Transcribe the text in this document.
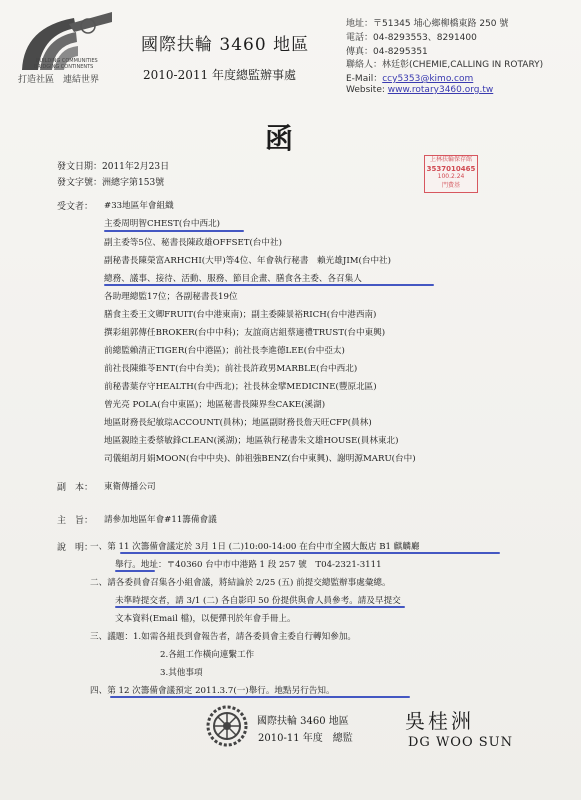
BUILDING COMMUNITIES
BRIDGING CONTINENTS
打造社區　連結世界
國際扶輪 3460 地區
2010-2011 年度總監辦事處
地址：〒51345 埔心鄉柳橋東路 250 號
電話：04-8293553、8291400
傳真：04-8295351
聯絡人：林廷彰(CHEMIE,CALLING IN ROTARY)
E-Mail：ccy5353@kimo.com
Website: www.rotary3460.org.tw
函
發文日期：2011年2月23日
發文字號：洲總字第153號
上林扶輪保存館
3537010465
100.2.24
門費基
受文者： #33地區年會組織
主委周明智CHEST(台中西北)
副主委等5位、秘書長陳政雄OFFSET(台中社)
副秘書長陳榮富ARHCHI(大甲)等4位、年會執行秘書　賴光雄JIM(台中社)
總務、議事、接待、活動、服務、節目企畫、膳食各主委、各召集人
各助理總監17位；各副秘書長19位
膳食主委王文卿FRUIT(台中港東南)；副主委陳景裕RICH(台中港西南)
撰彩組郭傳任BROKER(台中中科)；友誼商店組蔡適禮TRUST(台中東興)
前總監賴清正TIGER(台中港區)；前社長李進德LEE(台中亞太)
前社長陳維苓ENT(台中台美)；前社長許政男MARBLE(台中西北)
前秘書葉存守HEALTH(台中西北)；社長林金擘MEDICINE(豐原北區)
曾光亮 POLA(台中東區)；地區秘書長陳界叁CAKE(溪湖)
地區財務長紀敏琮ACCOUNT(員林)；地區副財務長詹天旺CFP(員林)
地區親睦主委蔡敏鋒CLEAN(溪湖)；地區執行秘書朱文雄HOUSE(員林東北)
司儀組胡月娟MOON(台中中央)、帥祖強BENZ(台中東興)、謝明源MARU(台中)
副　本： 東衛傳播公司
主　旨： 請參加地區年會#11籌備會議
說　明：
一、第 11 次籌備會議定於 3月 1日 (二)10:00-14:00 在台中市全國大飯店 B1 麒麟廳
舉行。地址：〒40360 台中市中港路 1 段 257 號　T04-2321-3111
二、請各委員會召集各小組會議，將結論於 2/25 (五) 前提交總監辦事處彙總。
未準時提交者，請 3/1 (二) 各自影印 50 份提供與會人員參考。請及早提交
文本資料(Email 檔)，以便彈刊於年會手冊上。
三、議題：1.如需各組長到會報告者，請各委員會主委自行轉知參加。
2.各組工作橫向連繫工作
3.其他事項
四、第 12 次籌備會議預定 2011.3.7(一)舉行。地點另行告知。
國際扶輪 3460 地區
2010-11 年度　總監
吳桂洲
DG WOO SUN
